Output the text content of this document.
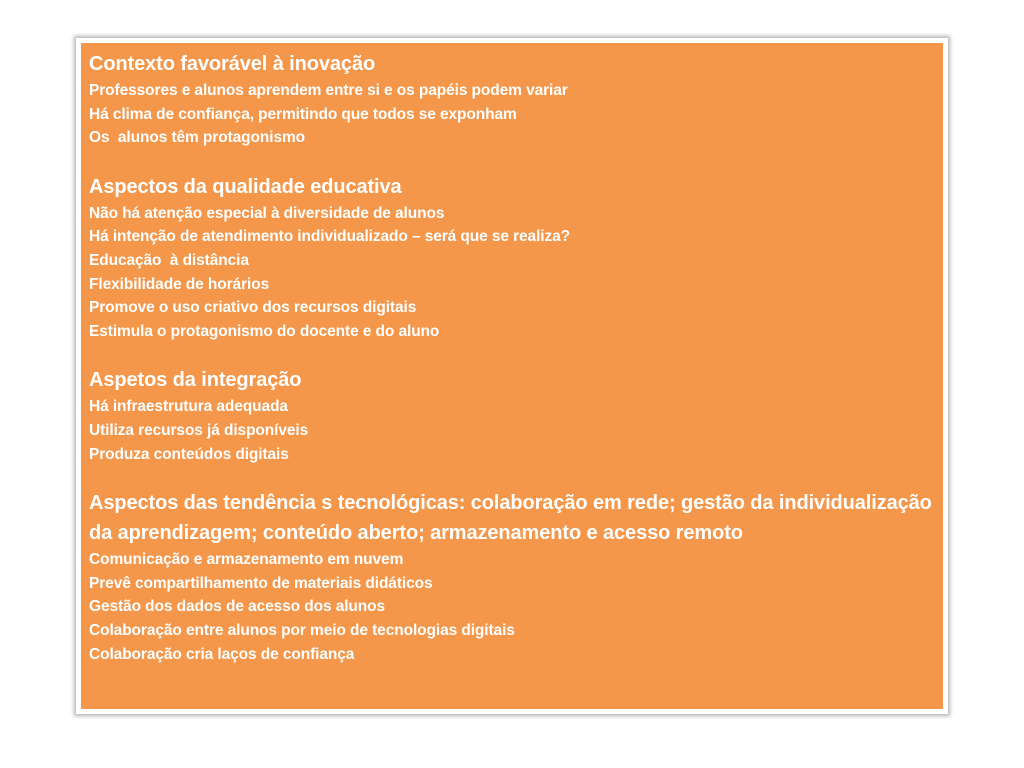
Contexto favorável à inovação

Professores e alunos aprendem entre si e os papéis podem variar

Há clima de confiança, permitindo que todos se exponham

Os  alunos têm protagonismo

Aspectos da qualidade educativa

Não há atenção especial à diversidade de alunos

Há intenção de atendimento individualizado – será que se realiza?

Educação  à distância

Flexibilidade de horários

Promove o uso criativo dos recursos digitais

Estimula o protagonismo do docente e do aluno

Aspetos da integração

Há infraestrutura adequada

Utiliza recursos já disponíveis

Produza conteúdos digitais

Aspectos das tendência s tecnológicas: colaboração em rede; gestão da individualização da aprendizagem; conteúdo aberto; armazenamento e acesso remoto

Comunicação e armazenamento em nuvem

Prevê compartilhamento de materiais didáticos

Gestão dos dados de acesso dos alunos

Colaboração entre alunos por meio de tecnologias digitais

Colaboração cria laços de confiança
